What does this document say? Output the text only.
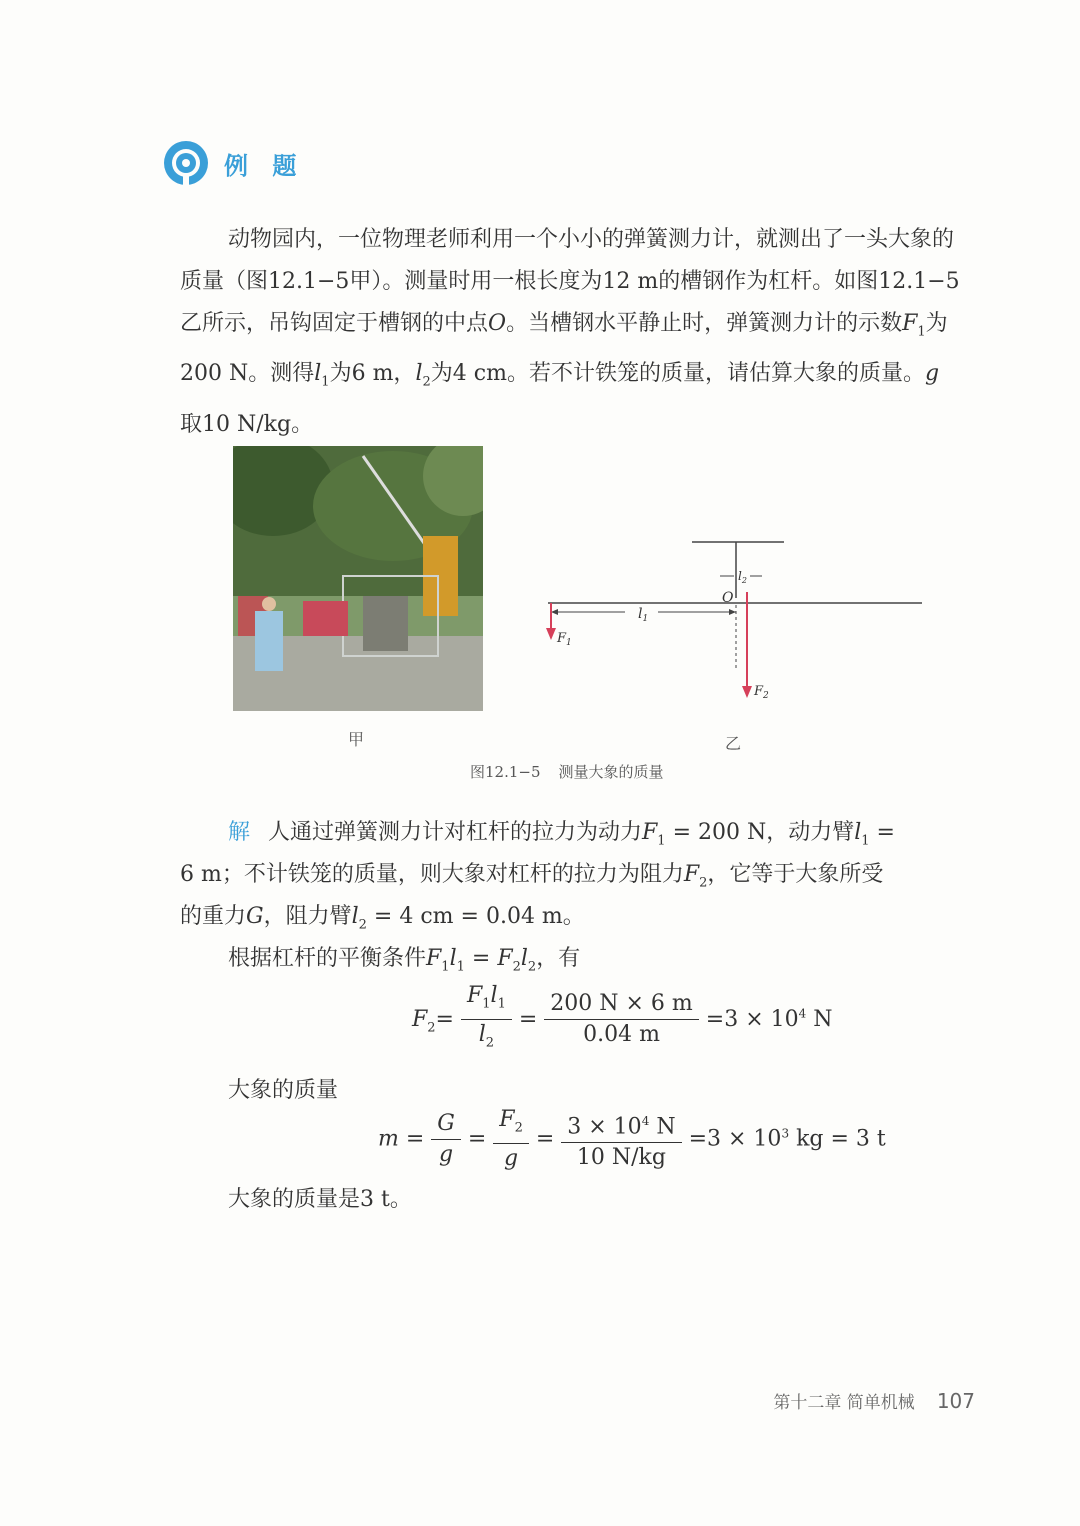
例 题

动物园内，一位物理老师利用一个小小的弹簧测力计，就测出了一头大象的质量（图12.1−5甲）。测量时用一根长度为12 m的槽钢作为杠杆。如图12.1−5乙所示，吊钩固定于槽钢的中点O。当槽钢水平静止时，弹簧测力计的示数$F_1$为200 N。测得$l_1$为6 m，$l_2$为4 cm。若不计铁笼的质量，请估算大象的质量。g取10 N/kg。

甲
O
$l_1$
$l_2$
$F_1$
$F_2$
乙
图12.1−5 测量大象的质量
解 人通过弹簧测力计对杠杆的拉力为动力$F_1 = 200$ N，动力臂$l_1$ =
6 m；不计铁笼的质量，则大象对杠杆的拉力为阻力$F_2$，它等于大象所受
的重力G，阻力臂$l_2 = 4$ cm = 0.04 m。
根据杠杆的平衡条件$F_1l_1 = F_2l_2$，有
$F_2= \frac{F_1l_1}{l_2} = \frac{200 N \times 6 m}{0.04 m} =3 \times 10^4$ N
大象的质量
$m = \frac{G}{g} = \frac{F_2}{g} = \frac{3 \times 10^4 N}{10 N/kg} =3 \times 10^3$ kg = 3 t
大象的质量是3 t。
第十二章 简单机械 107
